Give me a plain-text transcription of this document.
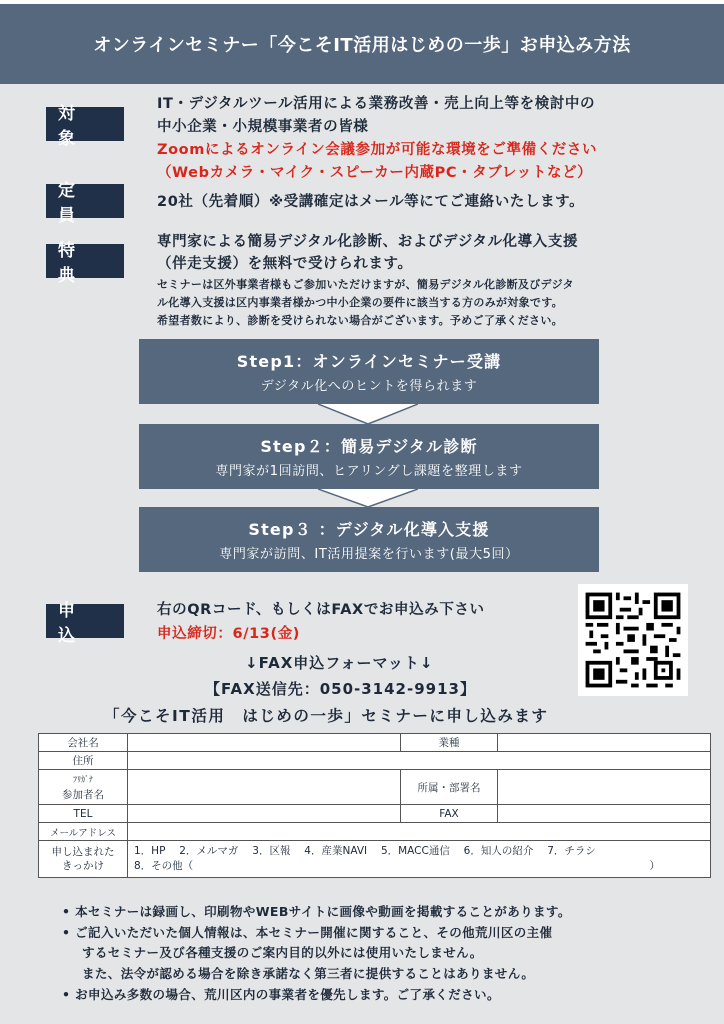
オンラインセミナー「今こそIT活用はじめの一歩」お申込み方法
対 象
IT・デジタルツール活用による業務改善・売上向上等を検討中の
中小企業・小規模事業者の皆様
Zoomによるオンライン会議参加が可能な環境をご準備ください
（Webカメラ・マイク・スピーカー内蔵PC・タブレットなど）
定 員
20社（先着順）※受講確定はメール等にてご連絡いたします。
特 典
専門家による簡易デジタル化診断、およびデジタル化導入支援
（伴走支援）を無料で受けられます。
セミナーは区外事業者様もご参加いただけますが、簡易デジタル化診断及びデジタ
ル化導入支援は区内事業者様かつ中小企業の要件に該当する方のみが対象です。
希望者数により、診断を受けられない場合がございます。予めご了承ください。
Step1：オンラインセミナー受講
デジタル化へのヒントを得られます
Step２：簡易デジタル診断
専門家が1回訪問、ヒアリングし課題を整理します
Step３ ：デジタル化導入支援
専門家が訪問、IT活用提案を行います(最大5回）
申 込
右のQRコード、もしくはFAXでお申込み下さい
申込締切：6/13(金)
↓FAX申込フォーマット↓
【FAX送信先：050-3142-9913】
「今こそIT活用　はじめの一歩」セミナーに申し込みます
会社名		業種	
住所			

ﾌﾘｶﾞﾅ
参加者名		所属・部署名	
TEL		FAX	
メールアドレス			

申し込まれた
きっかけ	1．HP　 2．メルマガ　 3．区報　 4．産業NAVI　 5．MACC通信　 6．知人の紹介　 7．チラシ
8．その他（ ）		
• 本セミナーは録画し、印刷物やWEBサイトに画像や動画を掲載することがあります。
• ご記入いただいた個人情報は、本セミナー開催に関すること、その他荒川区の主催
するセミナー及び各種支援のご案内目的以外には使用いたしません。
また、法令が認める場合を除き承諾なく第三者に提供することはありません。
• お申込み多数の場合、荒川区内の事業者を優先します。ご了承ください。
